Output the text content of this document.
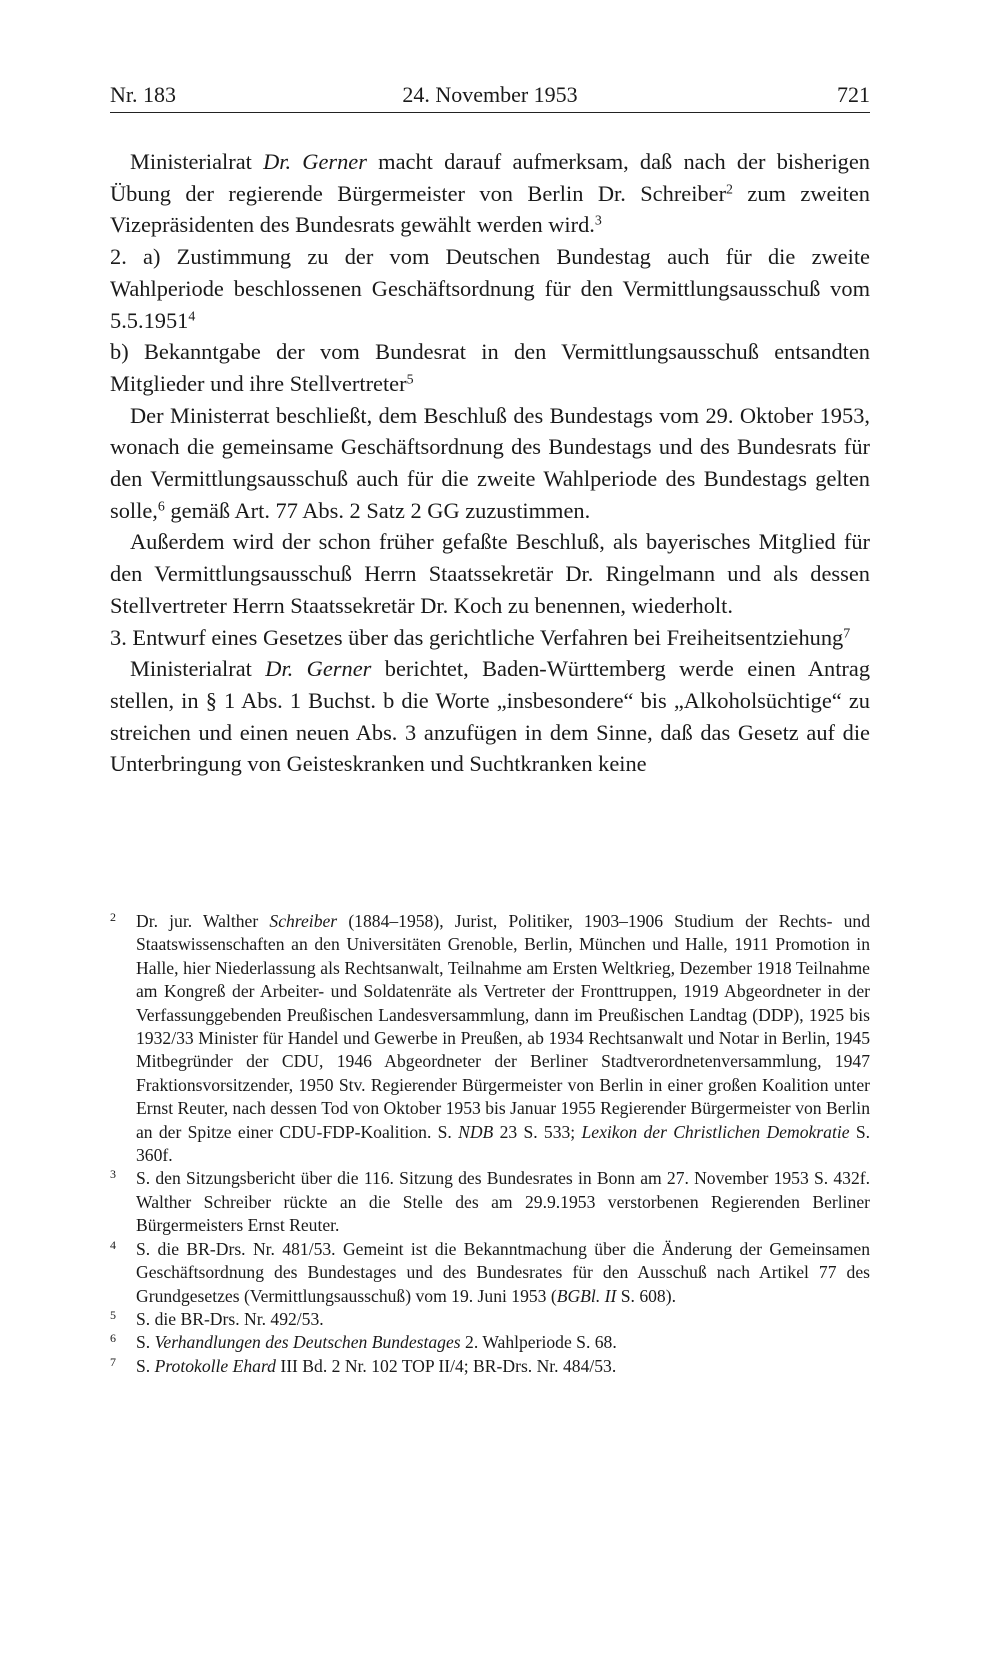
Nr. 183	24. November 1953	721

Ministerialrat Dr. Gerner macht darauf aufmerksam, daß nach der bisherigen Übung der regierende Bürgermeister von Berlin Dr. Schreiber$^2$ zum zweiten Vizepräsidenten des Bundesrats gewählt werden wird.$^3$

2. a) Zustimmung zu der vom Deutschen Bundestag auch für die zweite Wahlperiode beschlossenen Geschäftsordnung für den Vermittlungsausschuß vom 5.5.1951$^4$

b) Bekanntgabe der vom Bundesrat in den Vermittlungsausschuß entsandten Mitglieder und ihre Stellvertreter$^5$

Der Ministerrat beschließt, dem Beschluß des Bundestags vom 29. Oktober 1953, wonach die gemeinsame Geschäftsordnung des Bundestags und des Bundesrats für den Vermittlungsausschuß auch für die zweite Wahlperiode des Bundestags gelten solle,$^6$ gemäß Art. 77 Abs. 2 Satz 2 GG zuzustimmen.

Außerdem wird der schon früher gefaßte Beschluß, als bayerisches Mitglied für den Vermittlungsausschuß Herrn Staatssekretär Dr. Ringelmann und als dessen Stellvertreter Herrn Staatssekretär Dr. Koch zu benennen, wiederholt.

3. Entwurf eines Gesetzes über das gerichtliche Verfahren bei Freiheitsentziehung$^7$

Ministerialrat Dr. Gerner berichtet, Baden-Württemberg werde einen Antrag stellen, in § 1 Abs. 1 Buchst. b die Worte „insbesondere“ bis „Alkoholsüchtige“ zu streichen und einen neuen Abs. 3 anzufügen in dem Sinne, daß das Gesetz auf die Unterbringung von Geisteskranken und Suchtkranken keine

2 Dr. jur. Walther Schreiber (1884–1958), Jurist, Politiker, 1903–1906 Studium der Rechts- und Staatswissenschaften an den Universitäten Grenoble, Berlin, München und Halle, 1911 Promotion in Halle, hier Niederlassung als Rechtsanwalt, Teilnahme am Ersten Weltkrieg, Dezember 1918 Teilnahme am Kongreß der Arbeiter- und Soldatenräte als Vertreter der Fronttruppen, 1919 Abgeordneter in der Verfassunggebenden Preußischen Landesversammlung, dann im Preußischen Landtag (DDP), 1925 bis 1932/33 Minister für Handel und Gewerbe in Preußen, ab 1934 Rechtsanwalt und Notar in Berlin, 1945 Mitbegründer der CDU, 1946 Abgeordneter der Berliner Stadtverordnetenversammlung, 1947 Fraktionsvorsitzender, 1950 Stv. Regierender Bürgermeister von Berlin in einer großen Koalition unter Ernst Reuter, nach dessen Tod von Oktober 1953 bis Januar 1955 Regierender Bürgermeister von Berlin an der Spitze einer CDU-FDP-Koalition. S. NDB 23 S. 533; Lexikon der Christlichen Demokratie S. 360f.
3 S. den Sitzungsbericht über die 116. Sitzung des Bundesrates in Bonn am 27. November 1953 S. 432f. Walther Schreiber rückte an die Stelle des am 29.9.1953 verstorbenen Regierenden Berliner Bürgermeisters Ernst Reuter.
4 S. die BR-Drs. Nr. 481/53. Gemeint ist die Bekanntmachung über die Änderung der Gemeinsamen Geschäftsordnung des Bundestages und des Bundesrates für den Ausschuß nach Artikel 77 des Grundgesetzes (Vermittlungsausschuß) vom 19. Juni 1953 (BGBl. II S. 608).
5 S. die BR-Drs. Nr. 492/53.
6 S. Verhandlungen des Deutschen Bundestages 2. Wahlperiode S. 68.
7 S. Protokolle Ehard III Bd. 2 Nr. 102 TOP II/4; BR-Drs. Nr. 484/53.
